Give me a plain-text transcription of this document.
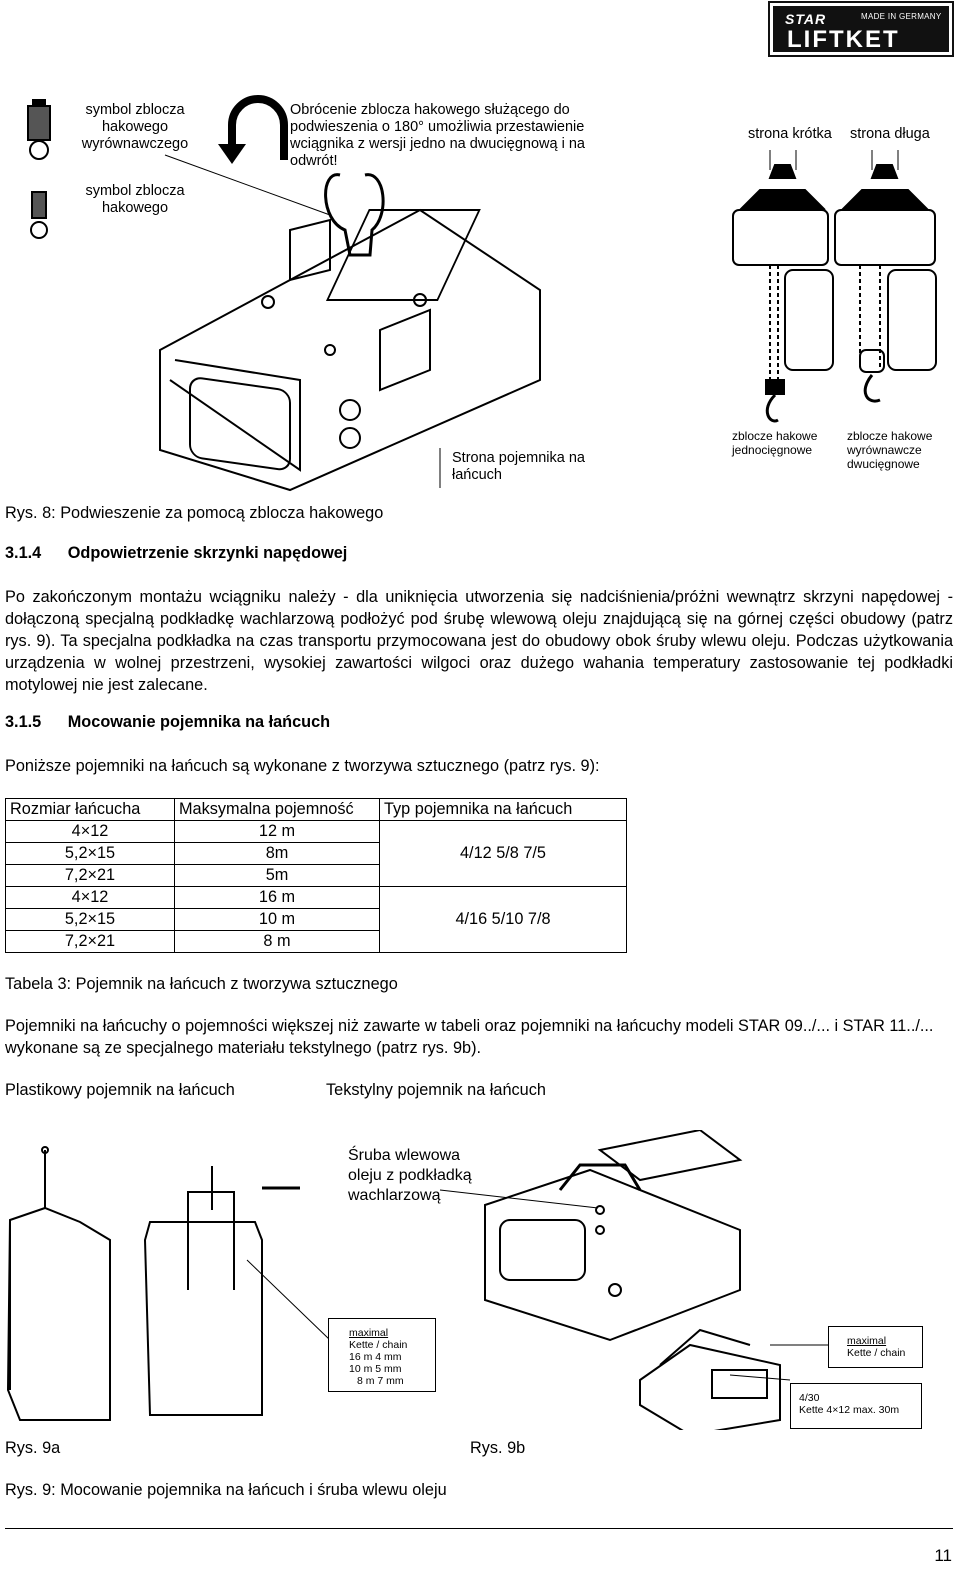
STAR	MADE IN GERMANY
LIFTKET
symbol zblocza hakowego wyrównawczego
Obrócenie zblocza hakowego służącego do podwieszenia o 180° umożliwia przestawienie wciągnika z wersji jedno na dwucięgnową i na odwrót!
strona krótka strona długa
symbol zblocza hakowego
Strona pojemnika na łańcuch
zblocze hakowe jednocięgnowe
zblocze hakowe wyrównawcze dwucięgnowe
Rys. 8: Podwieszenie za pomocą zblocza hakowego
3.1.4 Odpowietrzenie skrzynki napędowej
Po zakończonym montażu wciągniku należy - dla uniknięcia utworzenia się nadciśnienia/próżni wewnątrz skrzyni napędowej - dołączoną specjalną podkładkę wachlarzową podłożyć pod śrubę wlewową oleju znajdującą się na górnej części obudowy (patrz rys. 9). Ta specjalna podkładka na czas transportu przymocowana jest do obudowy obok śruby wlewu oleju. Podczas użytkowania urządzenia w wolnej przestrzeni, wysokiej zawartości wilgoci oraz dużego wahania temperatury zastosowanie tej podkładki motylowej nie jest zalecane.
3.1.5 Mocowanie pojemnika na łańcuch
Poniższe pojemniki na łańcuch są wykonane z tworzywa sztucznego (patrz rys. 9):
Rozmiar łańcucha	Maksymalna pojemność	Typ pojemnika na łańcuch
4×12	12 m	4/12 5/8 7/5
5,2×15	8m	
7,2×21	5m	
4×12	16 m	4/16 5/10 7/8
5,2×15	10 m	
7,2×21	8 m	
Tabela 3: Pojemnik na łańcuch z tworzywa sztucznego
Pojemniki na łańcuchy o pojemności większej niż zawarte w tabeli oraz pojemniki na łańcuchy modeli STAR 09../... i STAR 11../... wykonane są ze specjalnego materiału tekstylnego (patrz rys. 9b).
Plastikowy pojemnik na łańcuch	Tekstylny pojemnik na łańcuch
Śruba wlewowa oleju z podkładką wachlarzową
maximal
Kette / chain
16 m 4 mm
10 m 5 mm
8 m 7 mm
maximal
Kette / chain
4/30
Kette 4×12 max. 30m
Rys. 9a	Rys. 9b
Rys. 9: Mocowanie pojemnika na łańcuch i śruba wlewu oleju
11
